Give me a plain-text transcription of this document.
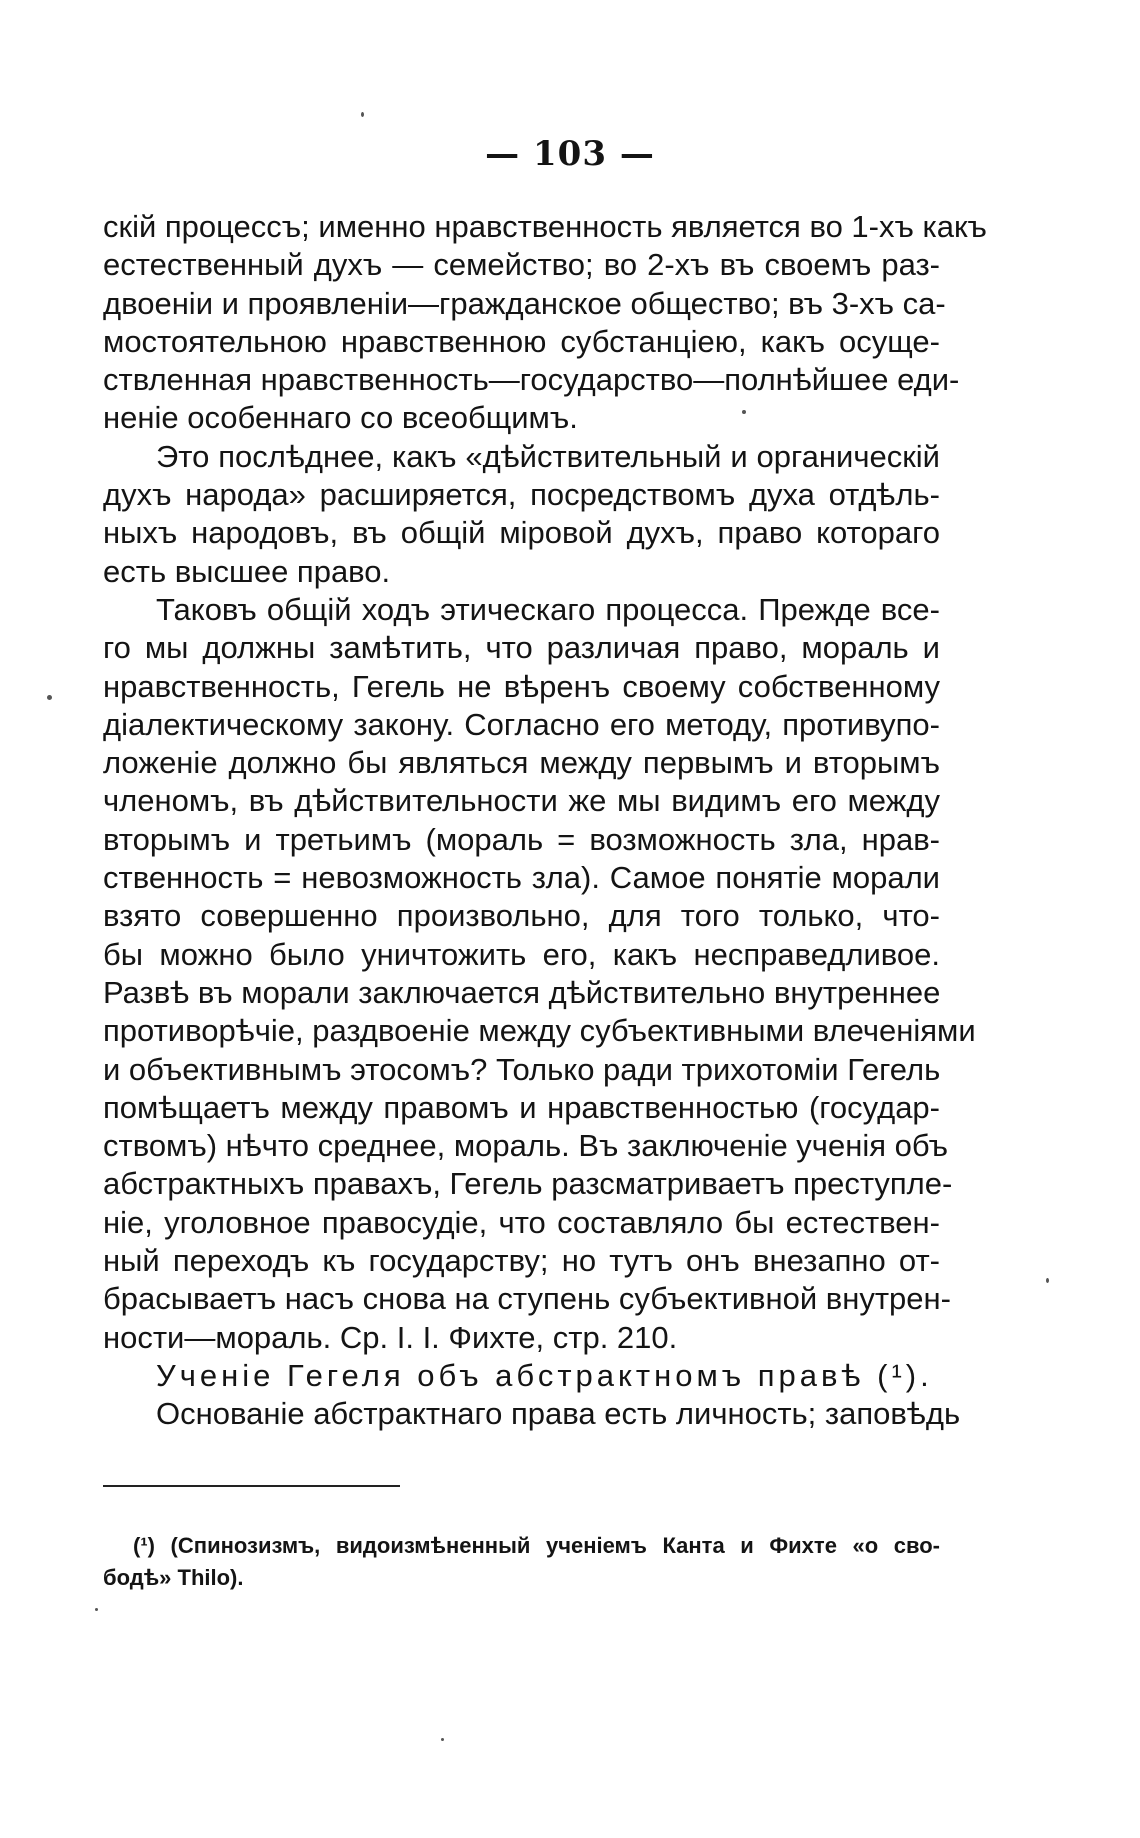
— 103 —
скій процессъ; именно нравственность является во 1-хъ какъ
естественный духъ — семейство; во 2-хъ въ своемъ раз-
двоеніи и проявленіи—гражданское общество; въ 3-хъ са-
мостоятельною нравственною субстанціею, какъ осуще-
ствленная нравственность—государство—полнѣйшее еди-
неніе особеннаго со всеобщимъ.
Это послѣднее, какъ «дѣйствительный и органическій
духъ народа» расширяется, посредствомъ духа отдѣль-
ныхъ народовъ, въ общій міровой духъ, право котораго
есть высшее право.
Таковъ общій ходъ этическаго процесса. Прежде все-
го мы должны замѣтить, что различая право, мораль и
нравственность, Гегель не вѣренъ своему собственному
діалектическому закону. Согласно его методу, противупо-
ложеніе должно бы являться между первымъ и вторымъ
членомъ, въ дѣйствительности же мы видимъ его между
вторымъ и третьимъ (мораль = возможность зла, нрав-
ственность = невозможность зла). Самое понятіе морали
взято совершенно произвольно, для того только, что-
бы можно было уничтожить его, какъ несправедливое.
Развѣ въ морали заключается дѣйствительно внутреннее
противорѣчіе, раздвоеніе между субъективными влеченіями
и объективнымъ этосомъ? Только ради трихотоміи Гегель
помѣщаетъ между правомъ и нравственностью (государ-
ствомъ) нѣчто среднее, мораль. Въ заключеніе ученія объ
абстрактныхъ правахъ, Гегель разсматриваетъ преступле-
ніе, уголовное правосудіе, что составляло бы естествен-
ный переходъ къ государству; но тутъ онъ внезапно от-
брасываетъ насъ снова на ступень субъективной внутрен-
ности—мораль. Ср. I. I. Фихте, стр. 210.
Ученіе Гегеля объ абстрактномъ правѣ (¹).
Основаніе абстрактнаго права есть личность; заповѣдь
(¹) (Спинозизмъ, видоизмѣненный ученіемъ Канта и Фихте «о сво-
бодѣ» Thilo).
